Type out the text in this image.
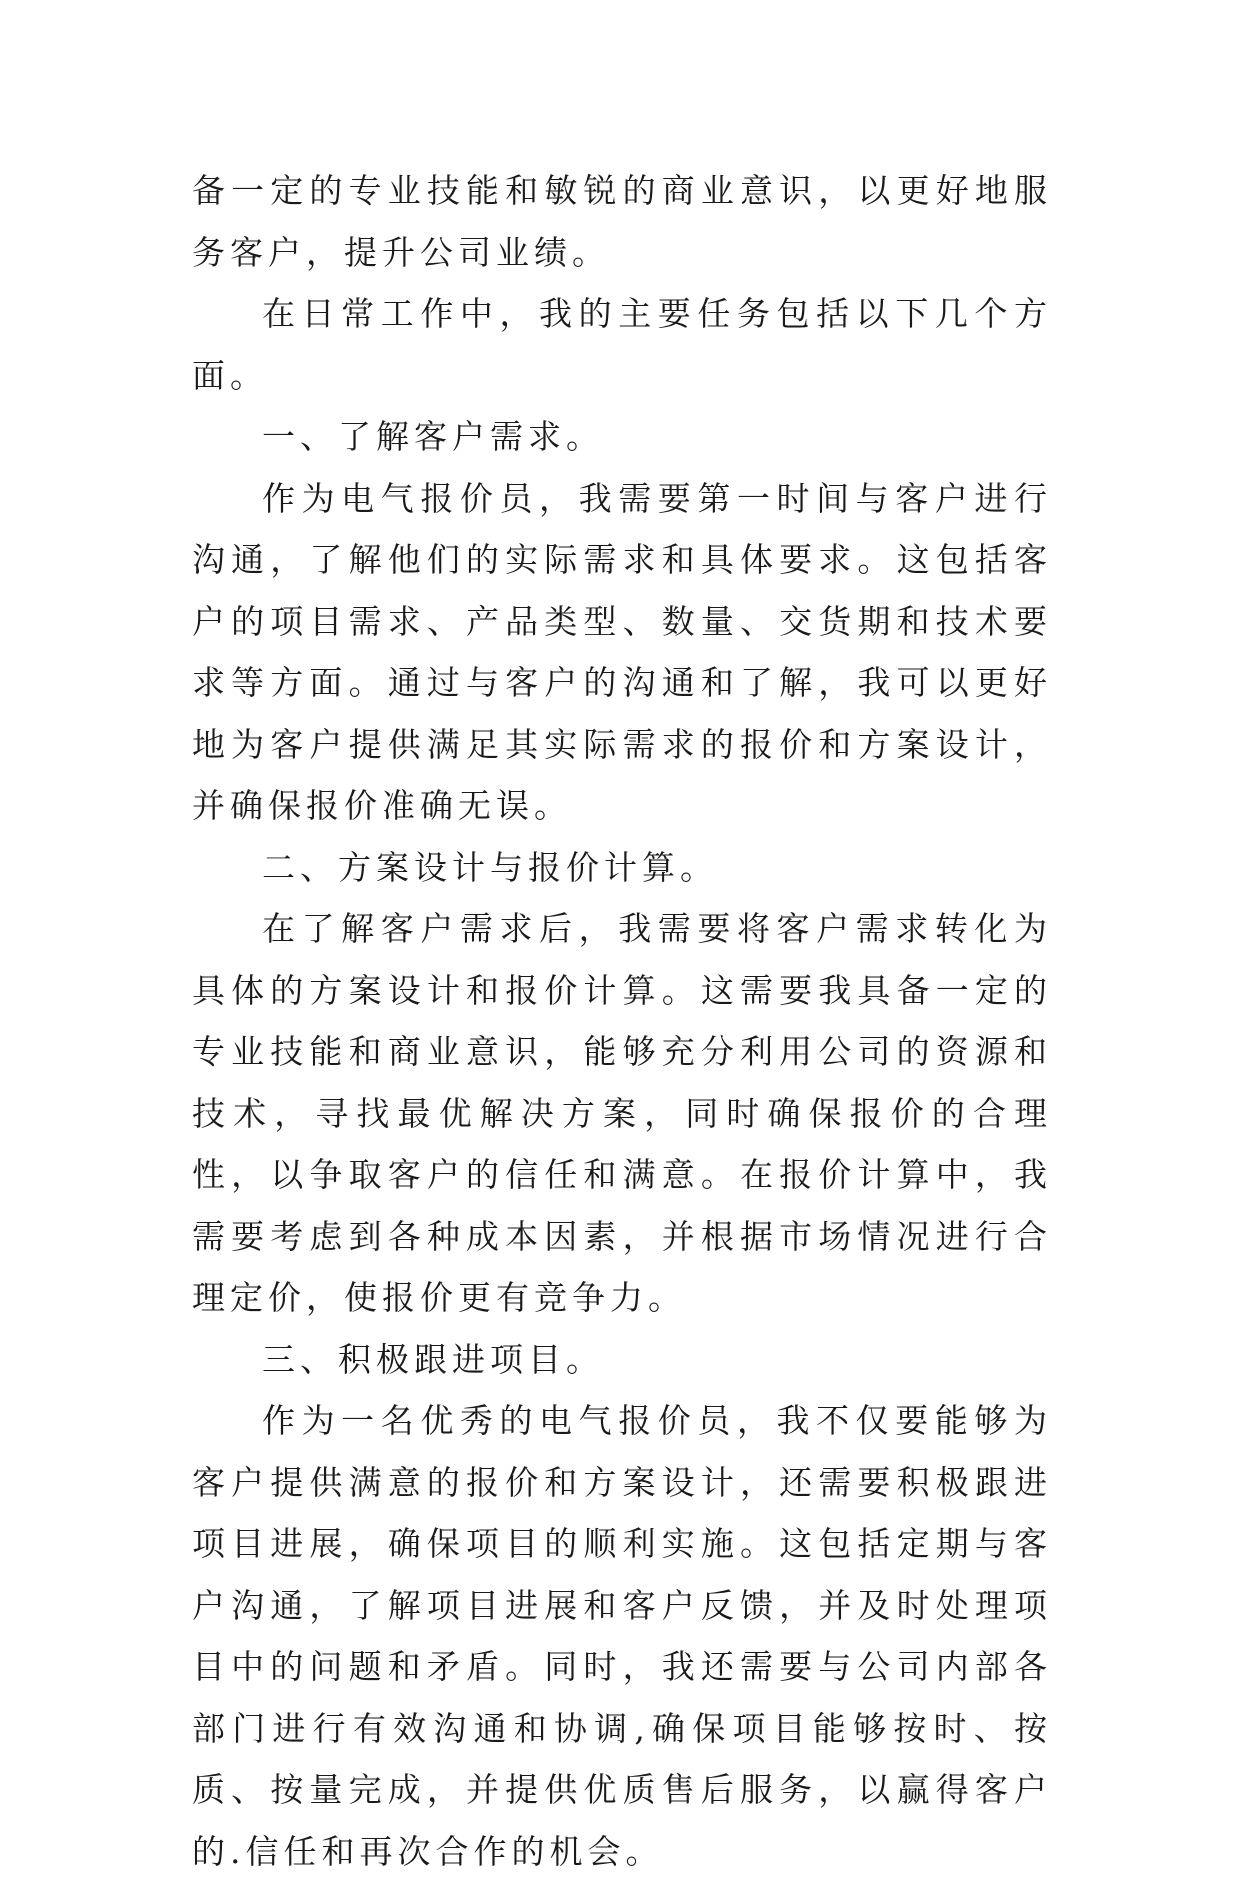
备一定的专业技能和敏锐的商业意识，以更好地服务客户，提升公司业绩。

在日常工作中，我的主要任务包括以下几个方面。

一、了解客户需求。

作为电气报价员，我需要第一时间与客户进行沟通，了解他们的实际需求和具体要求。这包括客户的项目需求、产品类型、数量、交货期和技术要求等方面。通过与客户的沟通和了解，我可以更好地为客户提供满足其实际需求的报价和方案设计，并确保报价准确无误。

二、方案设计与报价计算。

在了解客户需求后，我需要将客户需求转化为具体的方案设计和报价计算。这需要我具备一定的专业技能和商业意识，能够充分利用公司的资源和技术，寻找最优解决方案，同时确保报价的合理性，以争取客户的信任和满意。在报价计算中，我需要考虑到各种成本因素，并根据市场情况进行合理定价，使报价更有竞争力。

三、积极跟进项目。

作为一名优秀的电气报价员，我不仅要能够为客户提供满意的报价和方案设计，还需要积极跟进项目进展，确保项目的顺利实施。这包括定期与客户沟通，了解项目进展和客户反馈，并及时处理项目中的问题和矛盾。同时，我还需要与公司内部各部门进行有效沟通和协调,确保项目能够按时、按质、按量完成，并提供优质售后服务，以赢得客户的.信任和再次合作的机会。
